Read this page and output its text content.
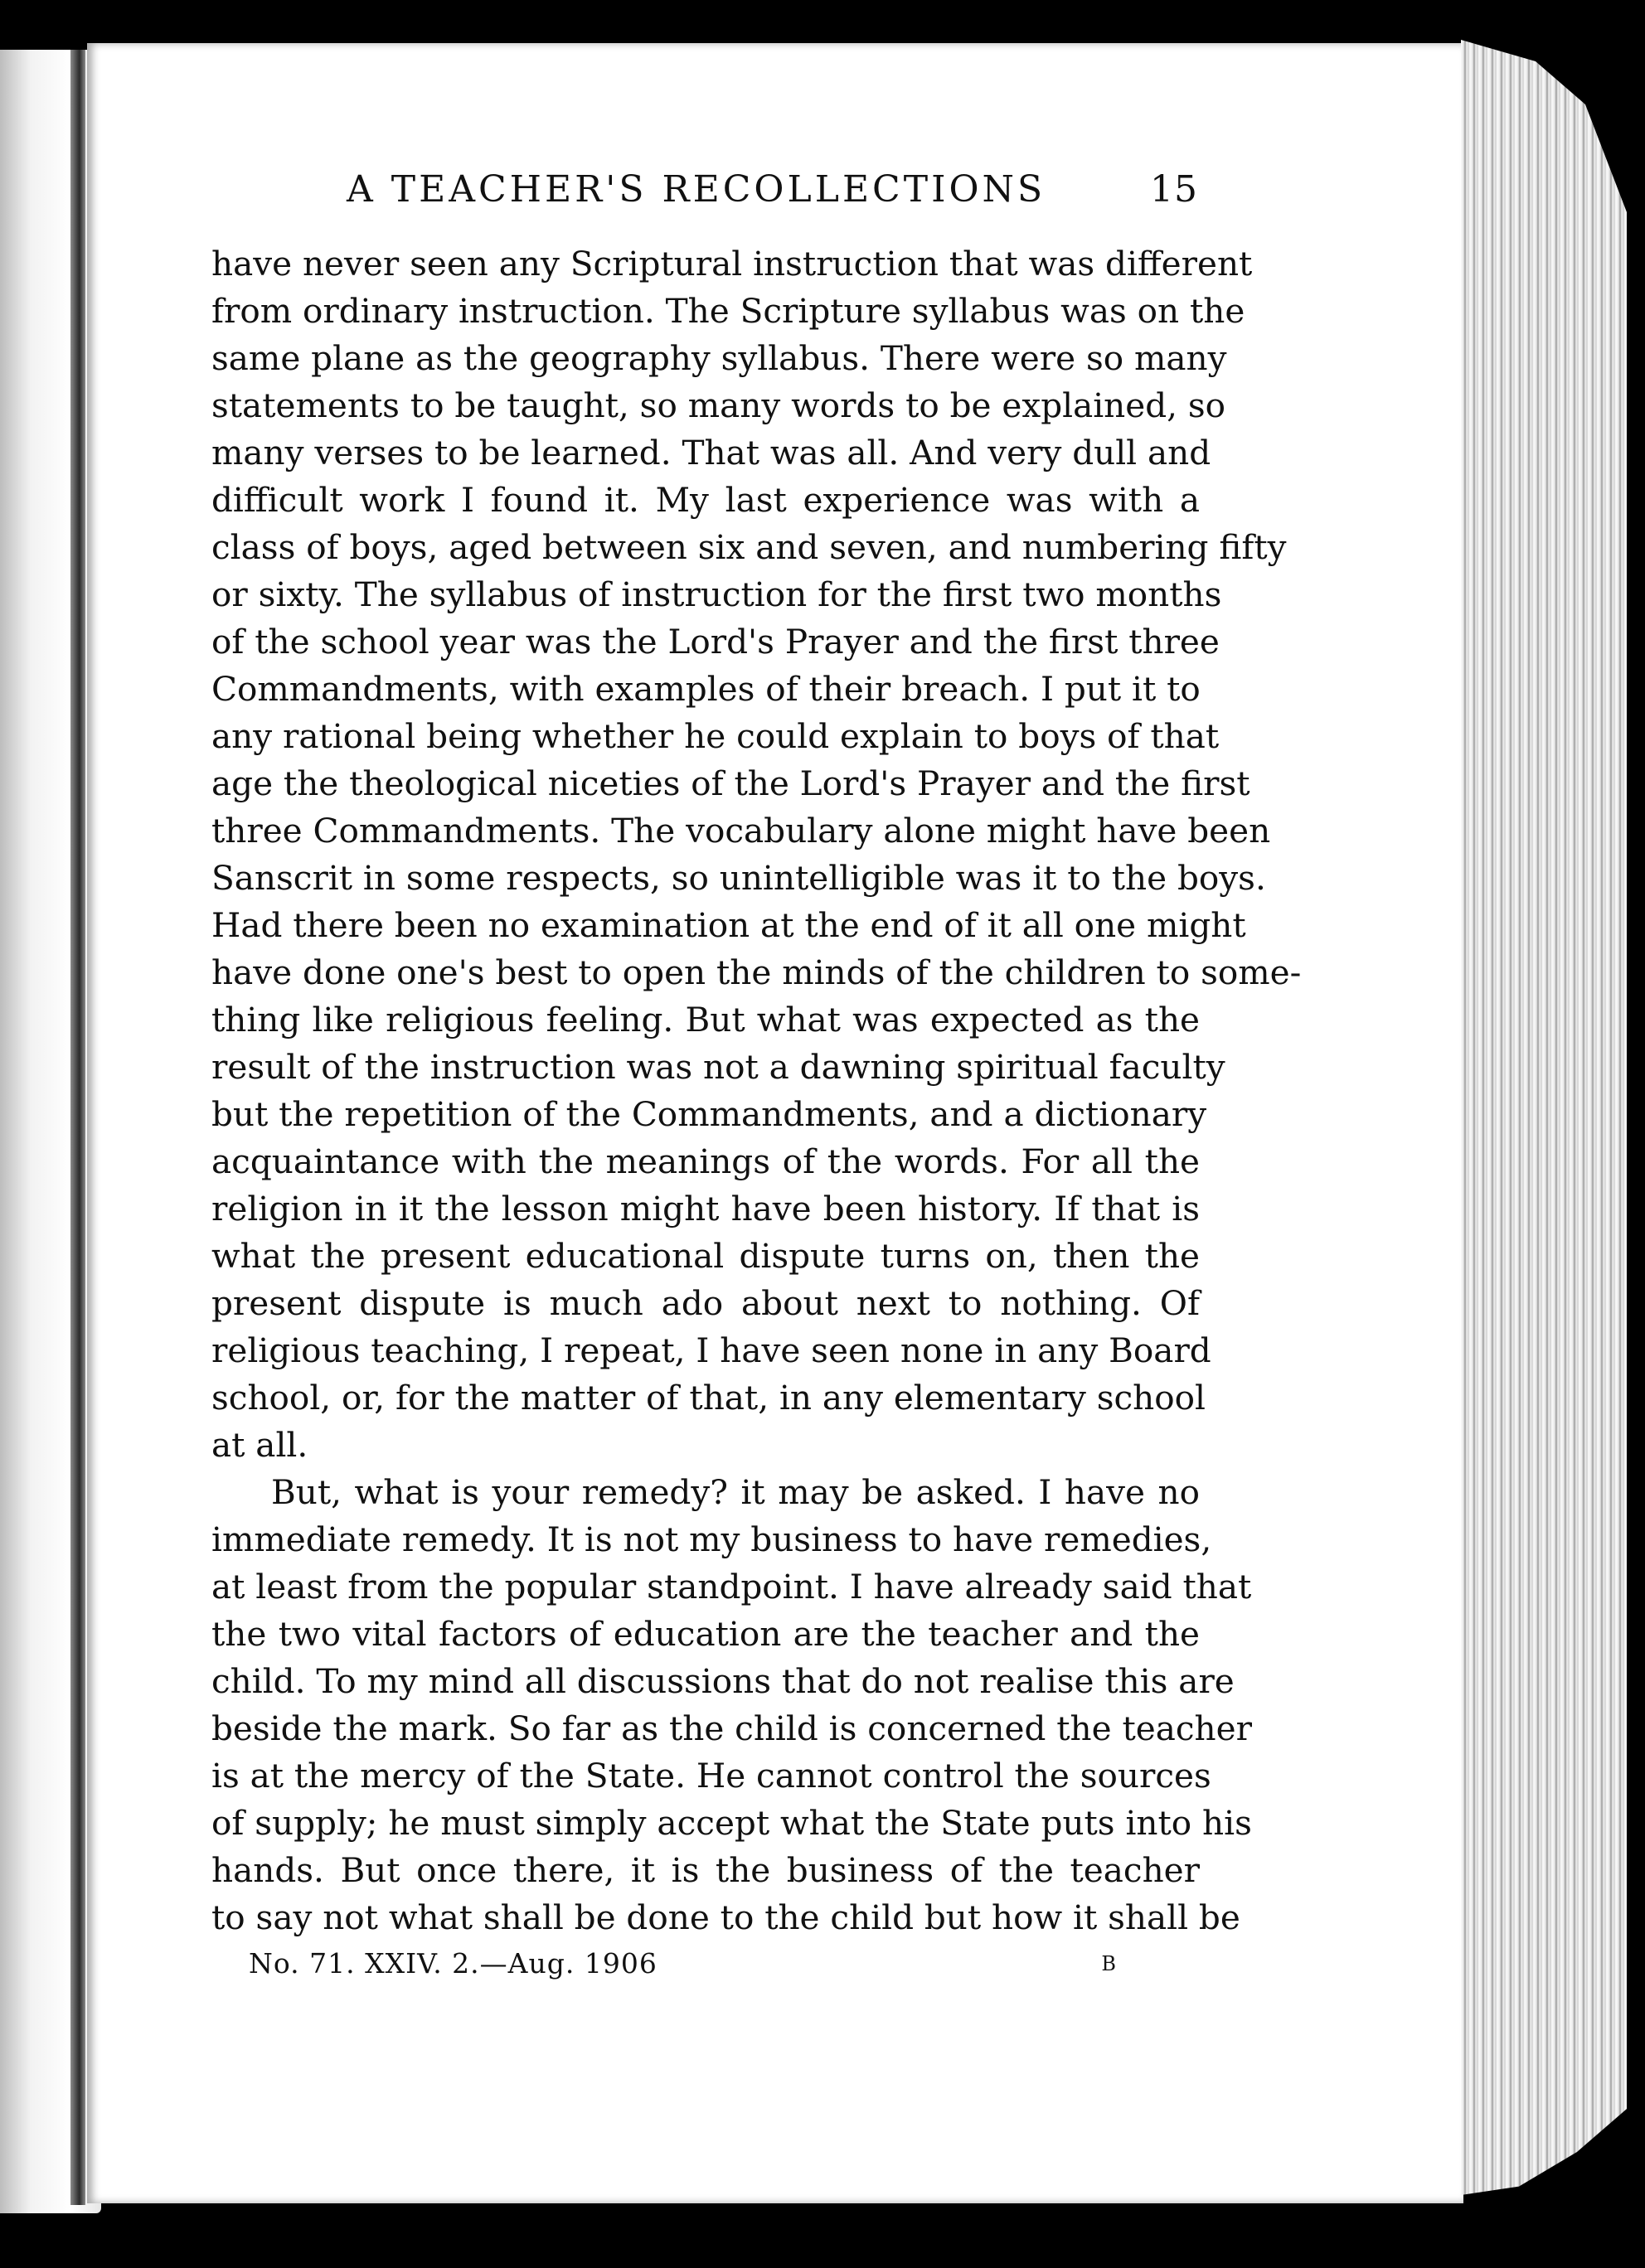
A TEACHER'S RECOLLECTIONS	15
have never seen any Scriptural instruction that was different
from ordinary instruction. The Scripture syllabus was on the
same plane as the geography syllabus. There were so many
statements to be taught, so many words to be explained, so
many verses to be learned. That was all. And very dull and
difficult work I found it. My last experience was with a
class of boys, aged between six and seven, and numbering fifty
or sixty. The syllabus of instruction for the first two months
of the school year was the Lord's Prayer and the first three
Commandments, with examples of their breach. I put it to
any rational being whether he could explain to boys of that
age the theological niceties of the Lord's Prayer and the first
three Commandments. The vocabulary alone might have been
Sanscrit in some respects, so unintelligible was it to the boys.
Had there been no examination at the end of it all one might
have done one's best to open the minds of the children to some-
thing like religious feeling. But what was expected as the
result of the instruction was not a dawning spiritual faculty
but the repetition of the Commandments, and a dictionary
acquaintance with the meanings of the words. For all the
religion in it the lesson might have been history. If that is
what the present educational dispute turns on, then the
present dispute is much ado about next to nothing. Of
religious teaching, I repeat, I have seen none in any Board
school, or, for the matter of that, in any elementary school
at all.
But, what is your remedy? it may be asked. I have no
immediate remedy. It is not my business to have remedies,
at least from the popular standpoint. I have already said that
the two vital factors of education are the teacher and the
child. To my mind all discussions that do not realise this are
beside the mark. So far as the child is concerned the teacher
is at the mercy of the State. He cannot control the sources
of supply; he must simply accept what the State puts into his
hands. But once there, it is the business of the teacher
to say not what shall be done to the child but how it shall be
No. 71. XXIV. 2.—Aug. 1906	B
